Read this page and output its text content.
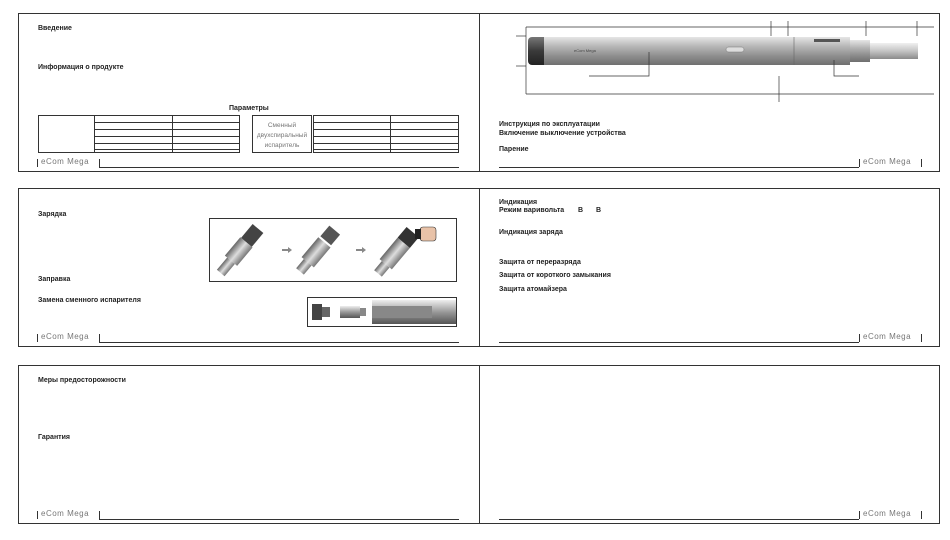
Введение
Информация о продукте
Параметры
Сменный
двухспиральный
испаритель
eCom Mega
eCom Mega
Инструкция по эксплуатации
Включение выключение устройства
Парение
eCom Mega
Зарядка
Заправка
Замена сменного испарителя
eCom Mega
Индикация
Режим варивольта В В
Индикация заряда
Защита от переразряда
Защита от короткого замыкания
Защита атомайзера
eCom Mega
Меры предосторожности
Гарантия
eCom Mega	eCom Mega
